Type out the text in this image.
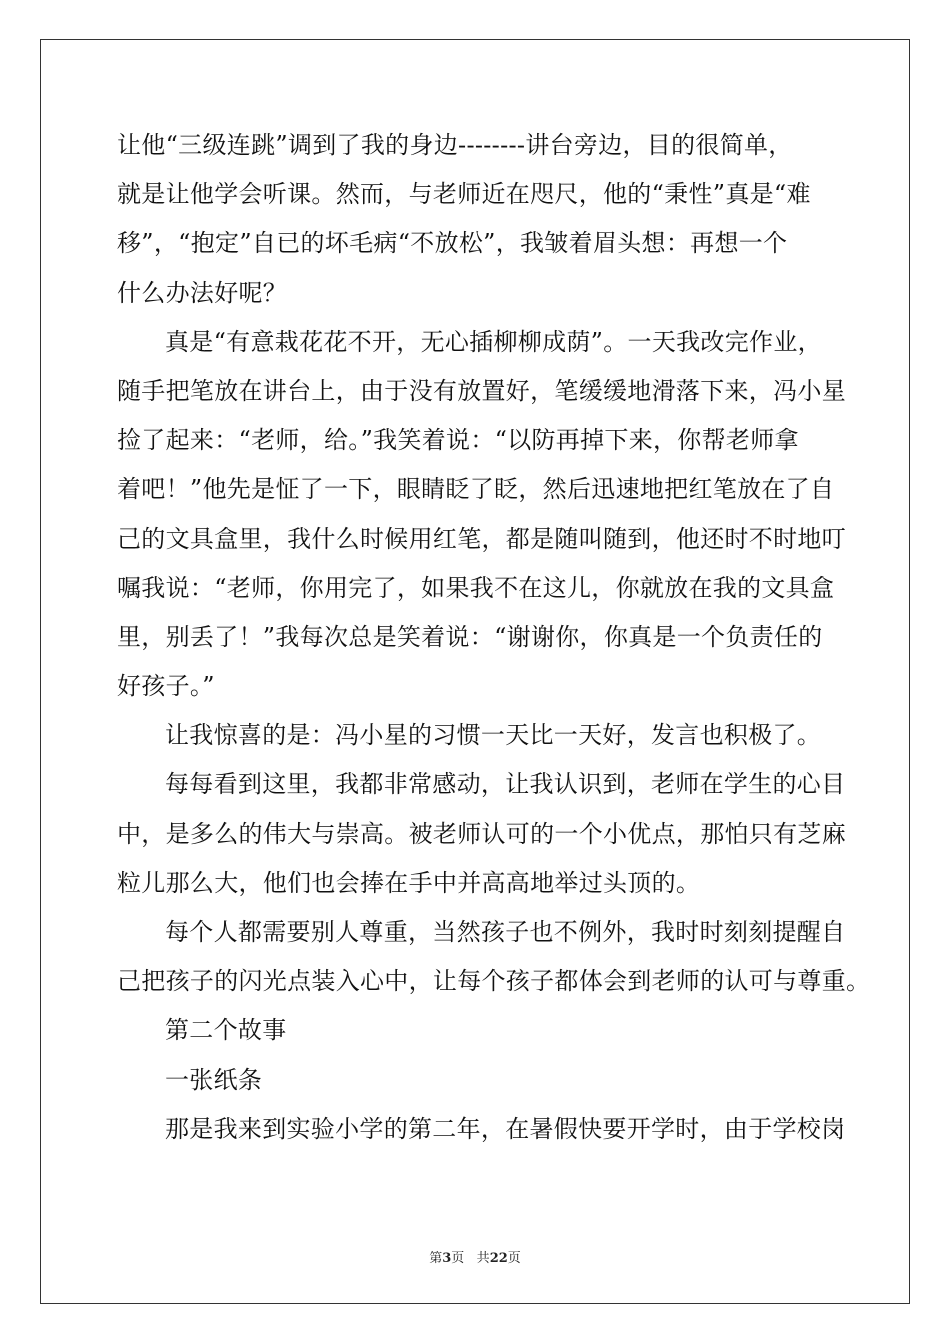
让他“三级连跳”调到了我的身边--------讲台旁边，目的很简单，
就是让他学会听课。然而，与老师近在咫尺，他的“秉性”真是“难
移”，“抱定”自已的坏毛病“不放松”，我皱着眉头想：再想一个
什么办法好呢？
真是“有意栽花花不开，无心插柳柳成荫”。一天我改完作业，
随手把笔放在讲台上，由于没有放置好，笔缓缓地滑落下来，冯小星
捡了起来：“老师，给。”我笑着说：“以防再掉下来，你帮老师拿
着吧！”他先是怔了一下，眼睛眨了眨，然后迅速地把红笔放在了自
己的文具盒里，我什么时候用红笔，都是随叫随到，他还时不时地叮
嘱我说：“老师，你用完了，如果我不在这儿，你就放在我的文具盒
里，别丢了！”我每次总是笑着说：“谢谢你，你真是一个负责任的
好孩子。”
让我惊喜的是：冯小星的习惯一天比一天好，发言也积极了。
每每看到这里，我都非常感动，让我认识到，老师在学生的心目
中，是多么的伟大与崇高。被老师认可的一个小优点，那怕只有芝麻
粒儿那么大，他们也会捧在手中并高高地举过头顶的。
每个人都需要别人尊重，当然孩子也不例外，我时时刻刻提醒自
己把孩子的闪光点装入心中，让每个孩子都体会到老师的认可与尊重。
第二个故事
一张纸条
那是我来到实验小学的第二年，在暑假快要开学时，由于学校岗
第3页 共22页
